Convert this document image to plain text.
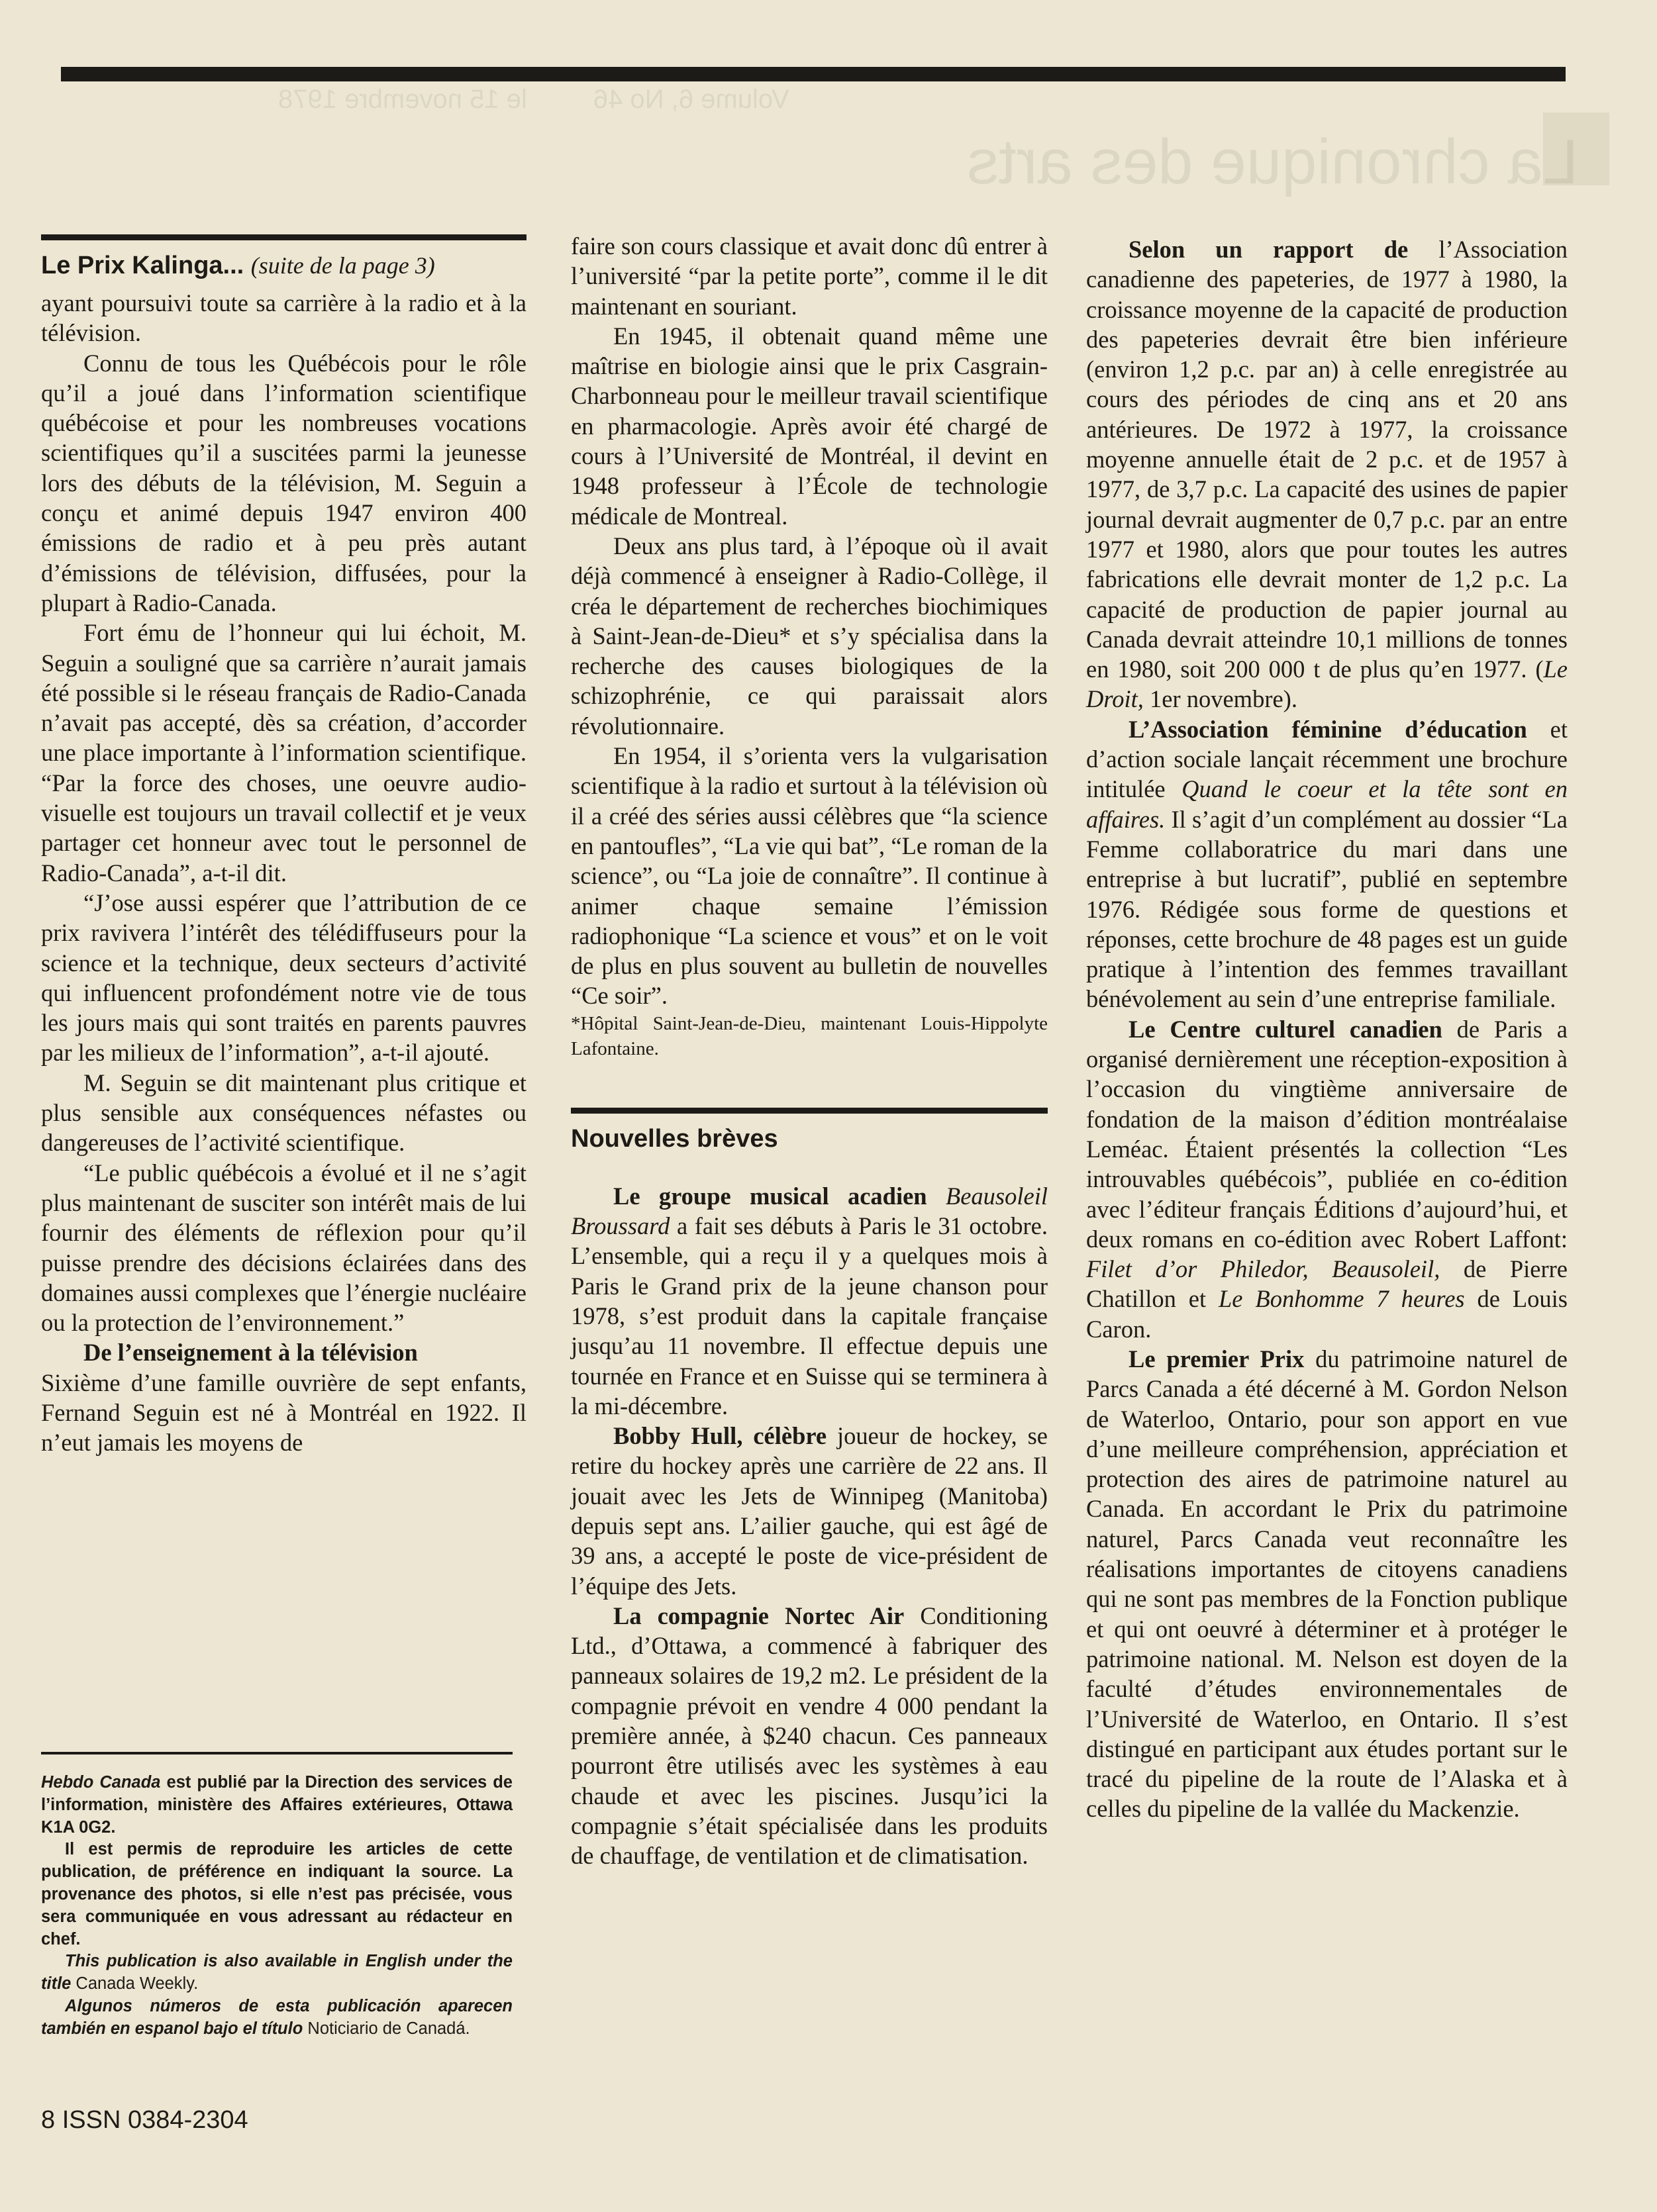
Volume 6, No 46         le 15 novembre 1978
La chronique des arts
Le Prix Kalinga... (suite de la page 3)

ayant poursuivi toute sa carrière à la radio et à la télévision.

Connu de tous les Québécois pour le rôle qu’il a joué dans l’information scientifique québécoise et pour les nombreuses vocations scientifiques qu’il a suscitées parmi la jeunesse lors des débuts de la télévision, M. Seguin a conçu et animé depuis 1947 environ 400 émissions de radio et à peu près autant d’émissions de télévision, diffusées, pour la plupart à Radio-Canada.

Fort ému de l’honneur qui lui échoit, M. Seguin a souligné que sa carrière n’aurait jamais été possible si le réseau français de Radio-Canada n’avait pas accepté, dès sa création, d’accorder une place importante à l’information scientifique. “Par la force des choses, une oeuvre audio-visuelle est toujours un travail collectif et je veux partager cet honneur avec tout le personnel de Radio-Canada”, a-t-il dit.

“J’ose aussi espérer que l’attribution de ce prix ravivera l’intérêt des télédiffuseurs pour la science et la technique, deux secteurs d’activité qui influencent profondément notre vie de tous les jours mais qui sont traités en parents pauvres par les milieux de l’information”, a-t-il ajouté.

M. Seguin se dit maintenant plus critique et plus sensible aux conséquences néfastes ou dangereuses de l’activité scientifique.

“Le public québécois a évolué et il ne s’agit plus maintenant de susciter son intérêt mais de lui fournir des éléments de réflexion pour qu’il puisse prendre des décisions éclairées dans des domaines aussi complexes que l’énergie nucléaire ou la protection de l’environnement.”

De l’enseignement à la télévision

Sixième d’une famille ouvrière de sept enfants, Fernand Seguin est né à Montréal en 1922. Il n’eut jamais les moyens de

Hebdo Canada est publié par la Direction des services de l’information, ministère des Affaires extérieures, Ottawa K1A 0G2.

Il est permis de reproduire les articles de cette publication, de préférence en indiquant la source. La provenance des photos, si elle n’est pas précisée, vous sera communiquée en vous adressant au rédacteur en chef.

This publication is also available in English under the title Canada Weekly.

Algunos números de esta publicación aparecen también en espanol bajo el título Noticiario de Canadá.

8 ISSN 0384-2304

faire son cours classique et avait donc dû entrer à l’université “par la petite porte”, comme il le dit maintenant en souriant.

En 1945, il obtenait quand même une maîtrise en biologie ainsi que le prix Casgrain-Charbonneau pour le meilleur travail scientifique en pharmacologie. Après avoir été chargé de cours à l’Université de Montréal, il devint en 1948 professeur à l’École de technologie médicale de Montreal.

Deux ans plus tard, à l’époque où il avait déjà commencé à enseigner à Radio-Collège, il créa le département de recherches biochimiques à Saint-Jean-de-Dieu* et s’y spécialisa dans la recherche des causes biologiques de la schizophrénie, ce qui paraissait alors révolutionnaire.

En 1954, il s’orienta vers la vulgarisation scientifique à la radio et surtout à la télévision où il a créé des séries aussi célèbres que “la science en pantoufles”, “La vie qui bat”, “Le roman de la science”, ou “La joie de connaître”. Il continue à animer chaque semaine l’émission radiophonique “La science et vous” et on le voit de plus en plus souvent au bulletin de nouvelles “Ce soir”.

*Hôpital Saint-Jean-de-Dieu, maintenant Louis-Hippolyte Lafontaine.

Nouvelles brèves

Le groupe musical acadien Beausoleil Broussard a fait ses débuts à Paris le 31 octobre. L’ensemble, qui a reçu il y a quelques mois à Paris le Grand prix de la jeune chanson pour 1978, s’est produit dans la capitale française jusqu’au 11 novembre. Il effectue depuis une tournée en France et en Suisse qui se terminera à la mi-décembre.

Bobby Hull, célèbre joueur de hockey, se retire du hockey après une carrière de 22 ans. Il jouait avec les Jets de Winnipeg (Manitoba) depuis sept ans. L’ailier gauche, qui est âgé de 39 ans, a accepté le poste de vice-président de l’équipe des Jets.

La compagnie Nortec Air Conditioning Ltd., d’Ottawa, a commencé à fabriquer des panneaux solaires de 19,2 m2. Le président de la compagnie prévoit en vendre 4 000 pendant la première année, à $240 chacun. Ces panneaux pourront être utilisés avec les systèmes à eau chaude et avec les piscines. Jusqu’ici la compagnie s’était spécialisée dans les produits de chauffage, de ventilation et de climatisation.

Selon un rapport de l’Association canadienne des papeteries, de 1977 à 1980, la croissance moyenne de la capacité de production des papeteries devrait être bien inférieure (environ 1,2 p.c. par an) à celle enregistrée au cours des périodes de cinq ans et 20 ans antérieures. De 1972 à 1977, la croissance moyenne annuelle était de 2 p.c. et de 1957 à 1977, de 3,7 p.c. La capacité des usines de papier journal devrait augmenter de 0,7 p.c. par an entre 1977 et 1980, alors que pour toutes les autres fabrications elle devrait monter de 1,2 p.c. La capacité de production de papier journal au Canada devrait atteindre 10,1 millions de tonnes en 1980, soit 200 000 t de plus qu’en 1977. (Le Droit, 1er novembre).

L’Association féminine d’éducation et d’action sociale lançait récemment une brochure intitulée Quand le coeur et la tête sont en affaires. Il s’agit d’un complément au dossier “La Femme collaboratrice du mari dans une entreprise à but lucratif”, publié en septembre 1976. Rédigée sous forme de questions et réponses, cette brochure de 48 pages est un guide pratique à l’intention des femmes travaillant bénévolement au sein d’une entreprise familiale.

Le Centre culturel canadien de Paris a organisé dernièrement une réception-exposition à l’occasion du vingtième anniversaire de fondation de la maison d’édition montréalaise Leméac. Étaient présentés la collection “Les introuvables québécois”, publiée en co-édition avec l’éditeur français Éditions d’aujourd’hui, et deux romans en co-édition avec Robert Laffont: Filet d’or Philedor, Beausoleil, de Pierre Chatillon et Le Bonhomme 7 heures de Louis Caron.

Le premier Prix du patrimoine naturel de Parcs Canada a été décerné à M. Gordon Nelson de Waterloo, Ontario, pour son apport en vue d’une meilleure compréhension, appréciation et protection des aires de patrimoine naturel au Canada. En accordant le Prix du patrimoine naturel, Parcs Canada veut reconnaître les réalisations importantes de citoyens canadiens qui ne sont pas membres de la Fonction publique et qui ont oeuvré à déterminer et à protéger le patrimoine national. M. Nelson est doyen de la faculté d’études environnementales de l’Université de Waterloo, en Ontario. Il s’est distingué en participant aux études portant sur le tracé du pipeline de la route de l’Alaska et à celles du pipeline de la vallée du Mackenzie.
